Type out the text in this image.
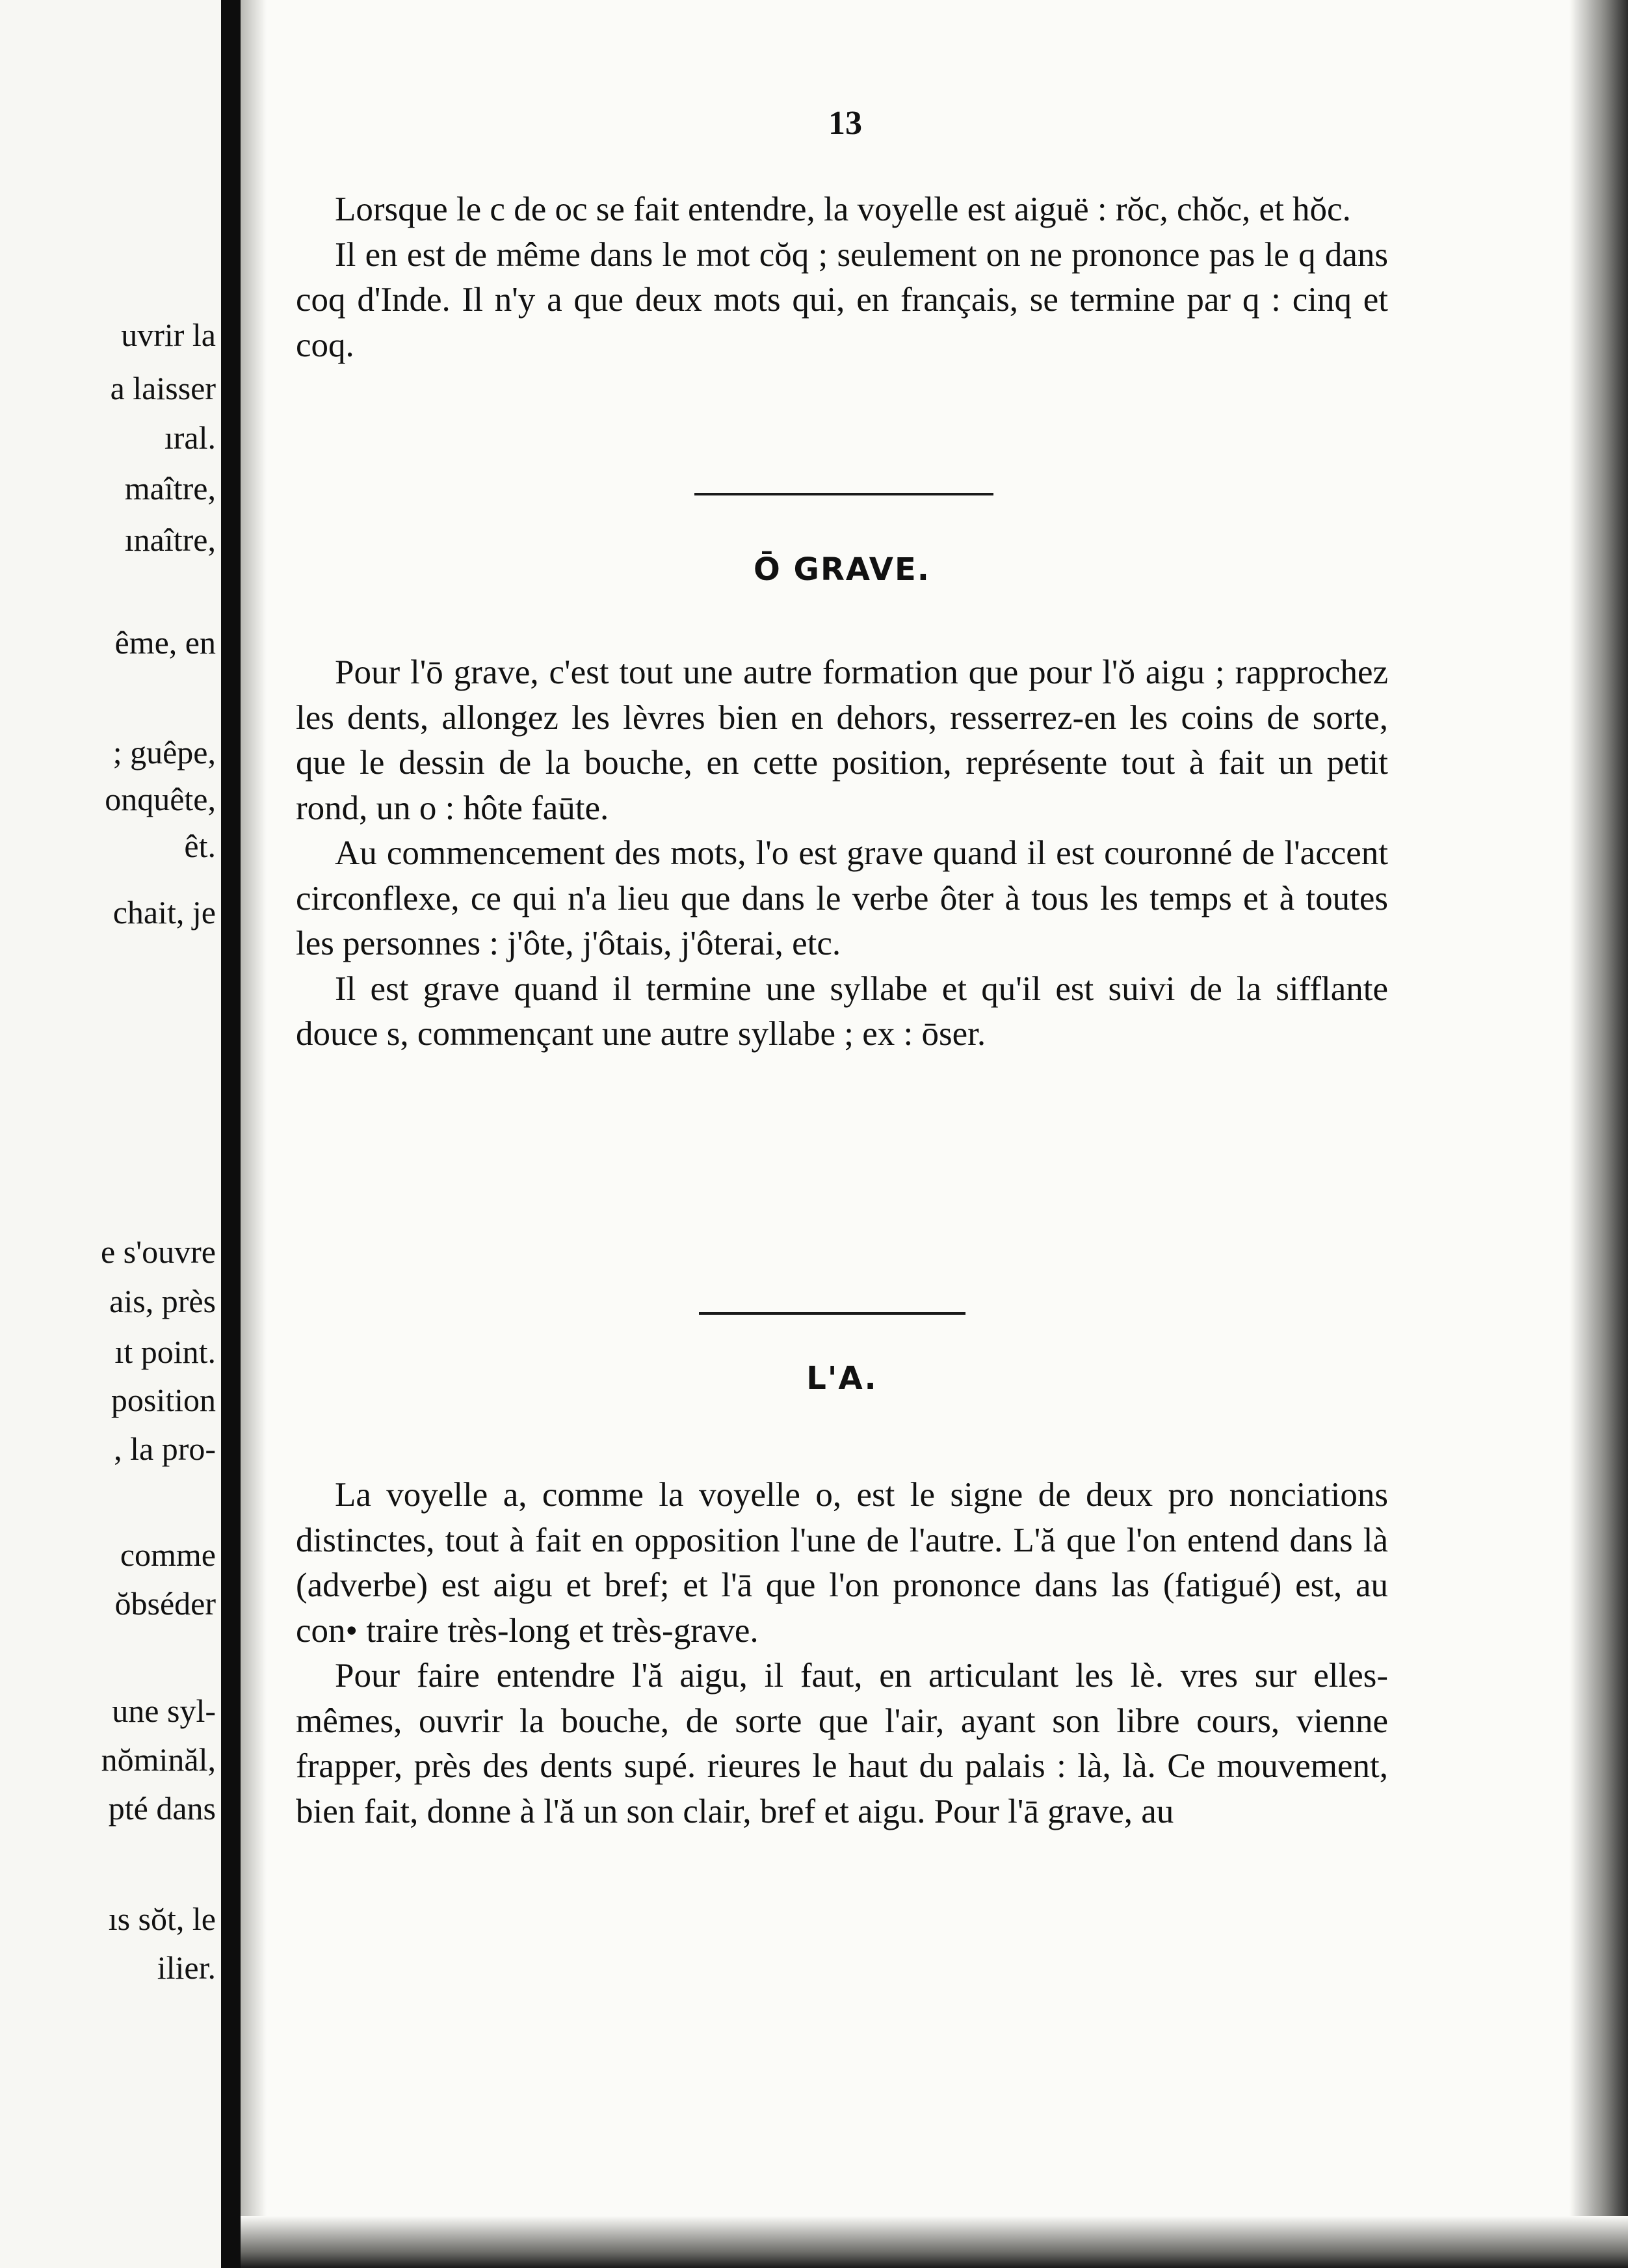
uvrir la
a laisser
ıral.
maître,
ınaître,
ême, en
; guêpe,
onquête,
êt.
chait, je
e s'ouvre
ais, près
ıt point.
position
, la pro-
comme
ŏbséder
une syl-
nŏminăl,
pté dans
ıs sŏt, le
ilier.
13

Lorsque le c de oc se fait entendre, la voyelle est aiguë : rŏc, chŏc, et hŏc.

Il en est de même dans le mot cŏq ; seulement on ne prononce pas le q dans coq d'Inde. Il n'y a que deux mots qui, en français, se termine par q : cinq et coq.

Ō GRAVE.

Pour l'ō grave, c'est tout une autre formation que pour l'ŏ aigu ; rapprochez les dents, allongez les lèvres bien en dehors, resserrez-en les coins de sorte, que le dessin de la bouche, en cette position, représente tout à fait un petit rond, un o : hôte faūte.

Au commencement des mots, l'o est grave quand il est couronné de l'accent circonflexe, ce qui n'a lieu que dans le verbe ôter à tous les temps et à toutes les personnes : j'ôte, j'ôtais, j'ôterai, etc.

Il est grave quand il termine une syllabe et qu'il est suivi de la sifflante douce s, commençant une autre syllabe ; ex : ōser.

L'A.

La voyelle a, comme la voyelle o, est le signe de deux pro nonciations distinctes, tout à fait en opposition l'une de l'autre. L'ă que l'on entend dans là (adverbe) est aigu et bref; et l'ā que l'on prononce dans las (fatigué) est, au con• traire très-long et très-grave.

Pour faire entendre l'ă aigu, il faut, en articulant les lè. vres sur elles-mêmes, ouvrir la bouche, de sorte que l'air, ayant son libre cours, vienne frapper, près des dents supé. rieures le haut du palais : là, là. Ce mouvement, bien fait, donne à l'ă un son clair, bref et aigu. Pour l'ā grave, au
